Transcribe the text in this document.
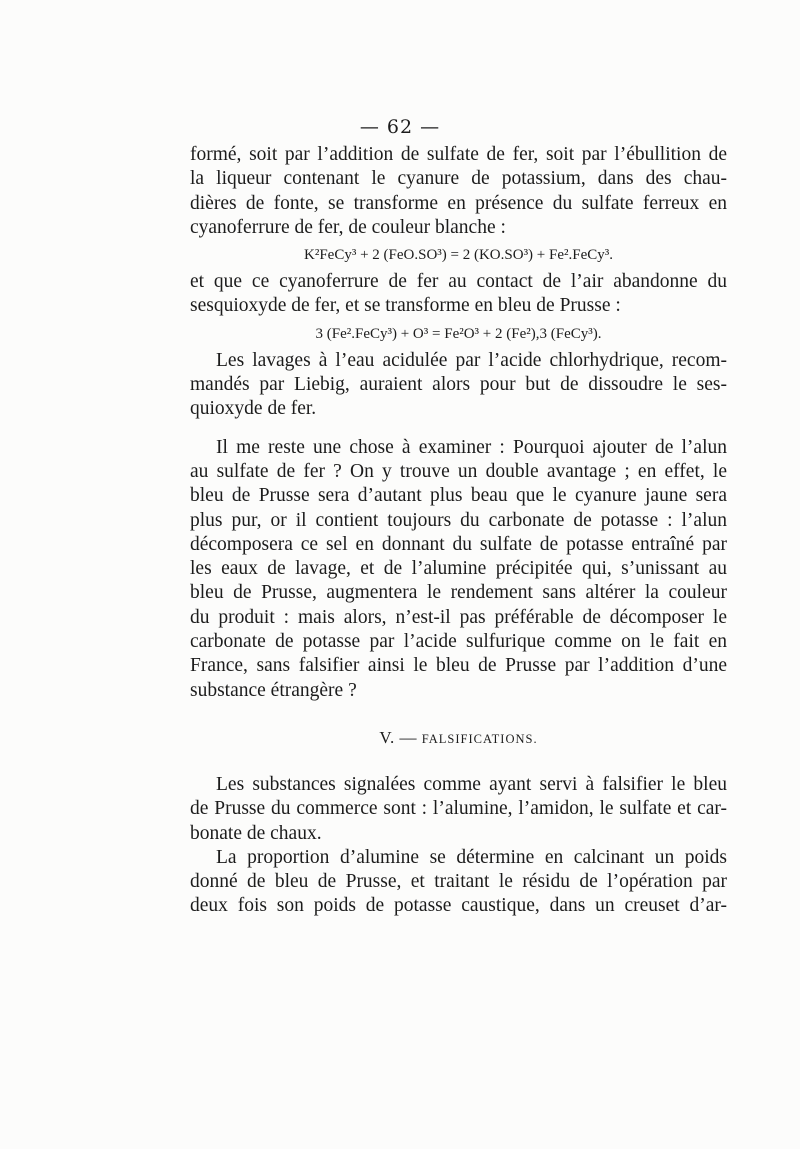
— 62 —
formé, soit par l’addition de sulfate de fer, soit par l’ébullition de
la liqueur contenant le cyanure de potassium, dans des chau-
dières de fonte, se transforme en présence du sulfate ferreux en
cyanoferrure de fer, de couleur blanche :
K²FeCy³ + 2 (FeO.SO³) = 2 (KO.SO³) + Fe².FeCy³.
et que ce cyanoferrure de fer au contact de l’air abandonne du
sesquioxyde de fer, et se transforme en bleu de Prusse :
3 (Fe².FeCy³) + O³ = Fe²O³ + 2 (Fe²),3 (FeCy³).
Les lavages à l’eau acidulée par l’acide chlorhydrique, recom-
mandés par Liebig, auraient alors pour but de dissoudre le ses-
quioxyde de fer.
Il me reste une chose à examiner : Pourquoi ajouter de l’alun
au sulfate de fer ? On y trouve un double avantage ; en effet, le
bleu de Prusse sera d’autant plus beau que le cyanure jaune sera
plus pur, or il contient toujours du carbonate de potasse : l’alun
décomposera ce sel en donnant du sulfate de potasse entraîné par
les eaux de lavage, et de l’alumine précipitée qui, s’unissant au
bleu de Prusse, augmentera le rendement sans altérer la couleur
du produit : mais alors, n’est-il pas préférable de décomposer le
carbonate de potasse par l’acide sulfurique comme on le fait en
France, sans falsifier ainsi le bleu de Prusse par l’addition d’une
substance étrangère ?
V. — FALSIFICATIONS.
Les substances signalées comme ayant servi à falsifier le bleu
de Prusse du commerce sont : l’alumine, l’amidon, le sulfate et car-
bonate de chaux.
La proportion d’alumine se détermine en calcinant un poids
donné de bleu de Prusse, et traitant le résidu de l’opération par
deux fois son poids de potasse caustique, dans un creuset d’ar-
